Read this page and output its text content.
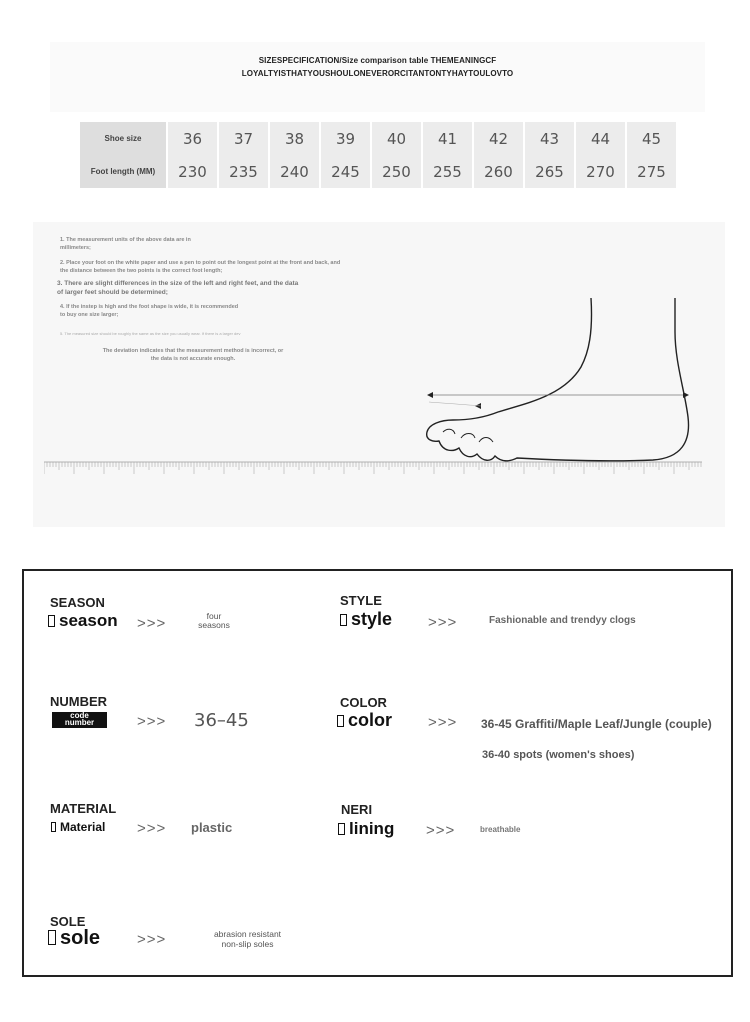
SIZESPECIFICATION/Size comparison table THEMEANINGCF
LOYALTYISTHATYOUSHOULONEVERORCITANTONTYHAYTOULOVTO
Shoe size	36	37	38	39	40	41	42	43	44	45
Foot length (MM)	230	235	240	245	250	255	260	265	270	275
1. The measurement units of the above data are in
millimeters;
2. Place your foot on the white paper and use a pen to point out the longest point at the front and back, and
the distance between the two points is the correct foot length;
3. There are slight differences in the size of the left and right feet, and the data
of larger feet should be determined;
4. If the instep is high and the foot shape is wide, it is recommended
to buy one size larger;
5. The measured size should be roughly the same as the size you usually wear. If there is a larger dev
The deviation indicates that the measurement method is incorrect, or
the data is not accurate enough.
SEASON
season >>>	four
seasons
STYLE
style >>>	Fashionable and trendyy clogs
NUMBER
code
number	>>> 36–45
COLOR
color >>> 36-45 Graffiti/Maple Leaf/Jungle (couple)
36-40 spots (women's shoes)
MATERIAL
Material >>> plastic
NERI
lining >>>	breathable
SOLE
sole >>>	abrasion resistant
non-slip soles
